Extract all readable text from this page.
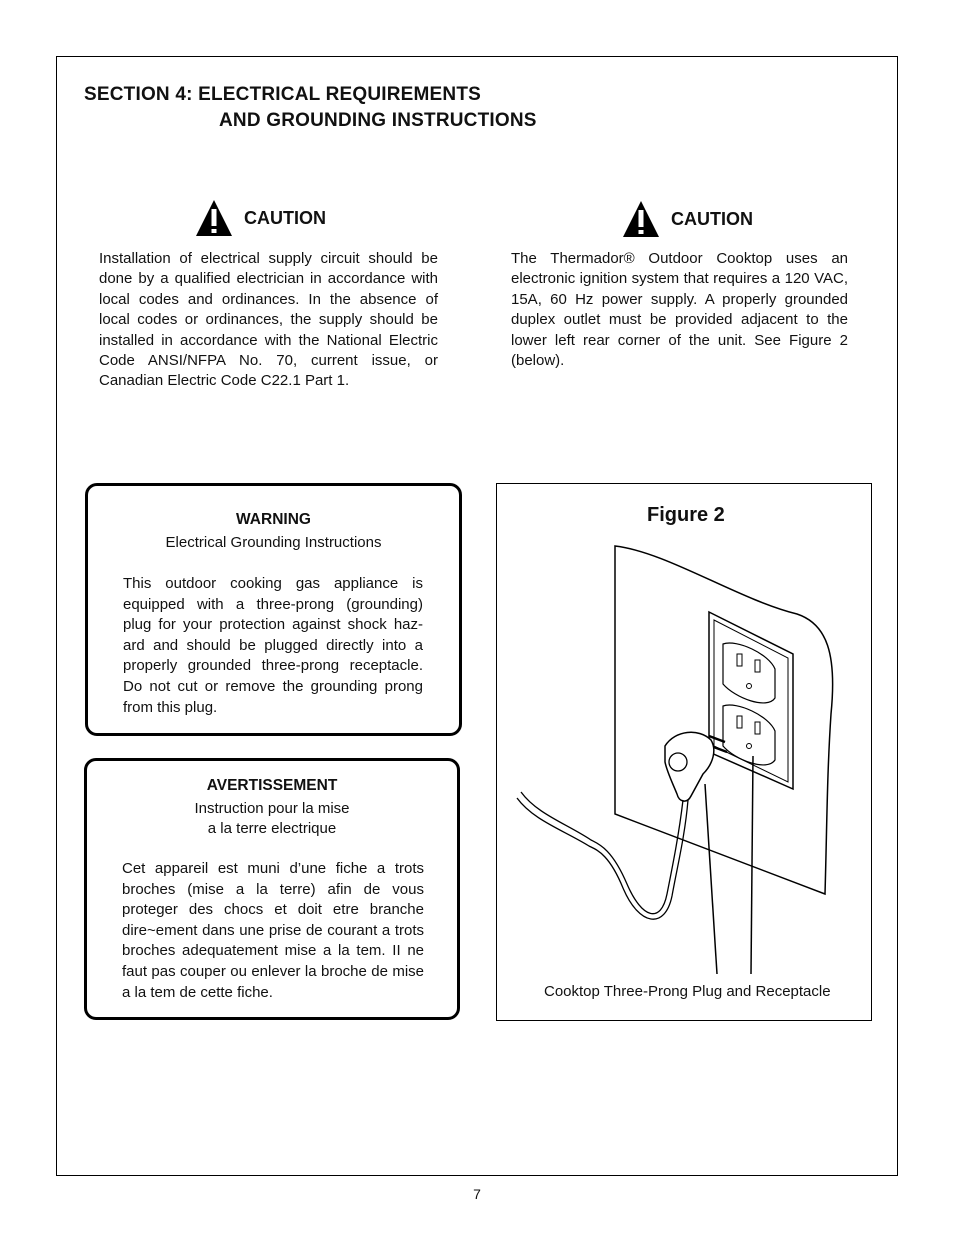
SECTION 4: ELECTRICAL REQUIREMENTS
AND GROUNDING INSTRUCTIONS
CAUTION
Installation of electrical supply circuit should be done by a qualified electrician in accordance with local codes and ordinances. In the absence of local codes or ordinances, the supply should be installed in accordance with the National Electric Code ANSI/NFPA No. 70, current issue, or Canadian Electric Code C22.1 Part 1.
CAUTION
The Thermador® Outdoor Cooktop uses an electronic ignition system that requires a 120 VAC, 15A, 60 Hz power supply. A properly grounded duplex outlet must be provided adjacent to the lower left rear corner of the unit. See Figure 2 (below).
WARNING
Electrical Grounding Instructions
This outdoor cooking gas appliance is equipped with a three-prong (grounding) plug for your protection against shock haz-ard and should be plugged directly into a properly grounded three-prong receptacle. Do not cut or remove the grounding prong from this plug.
AVERTISSEMENT
Instruction pour la mise
a la terre electrique
Cet appareil est muni d’une fiche a trots broches (mise a la terre) afin de vous proteger des chocs et doit etre branche dire~ement dans une prise de courant a trots broches adequatement mise a la tem. II ne faut pas couper ou enlever la broche de mise a la tem de cette fiche.
Figure 2
Cooktop Three-Prong Plug and Receptacle
7
